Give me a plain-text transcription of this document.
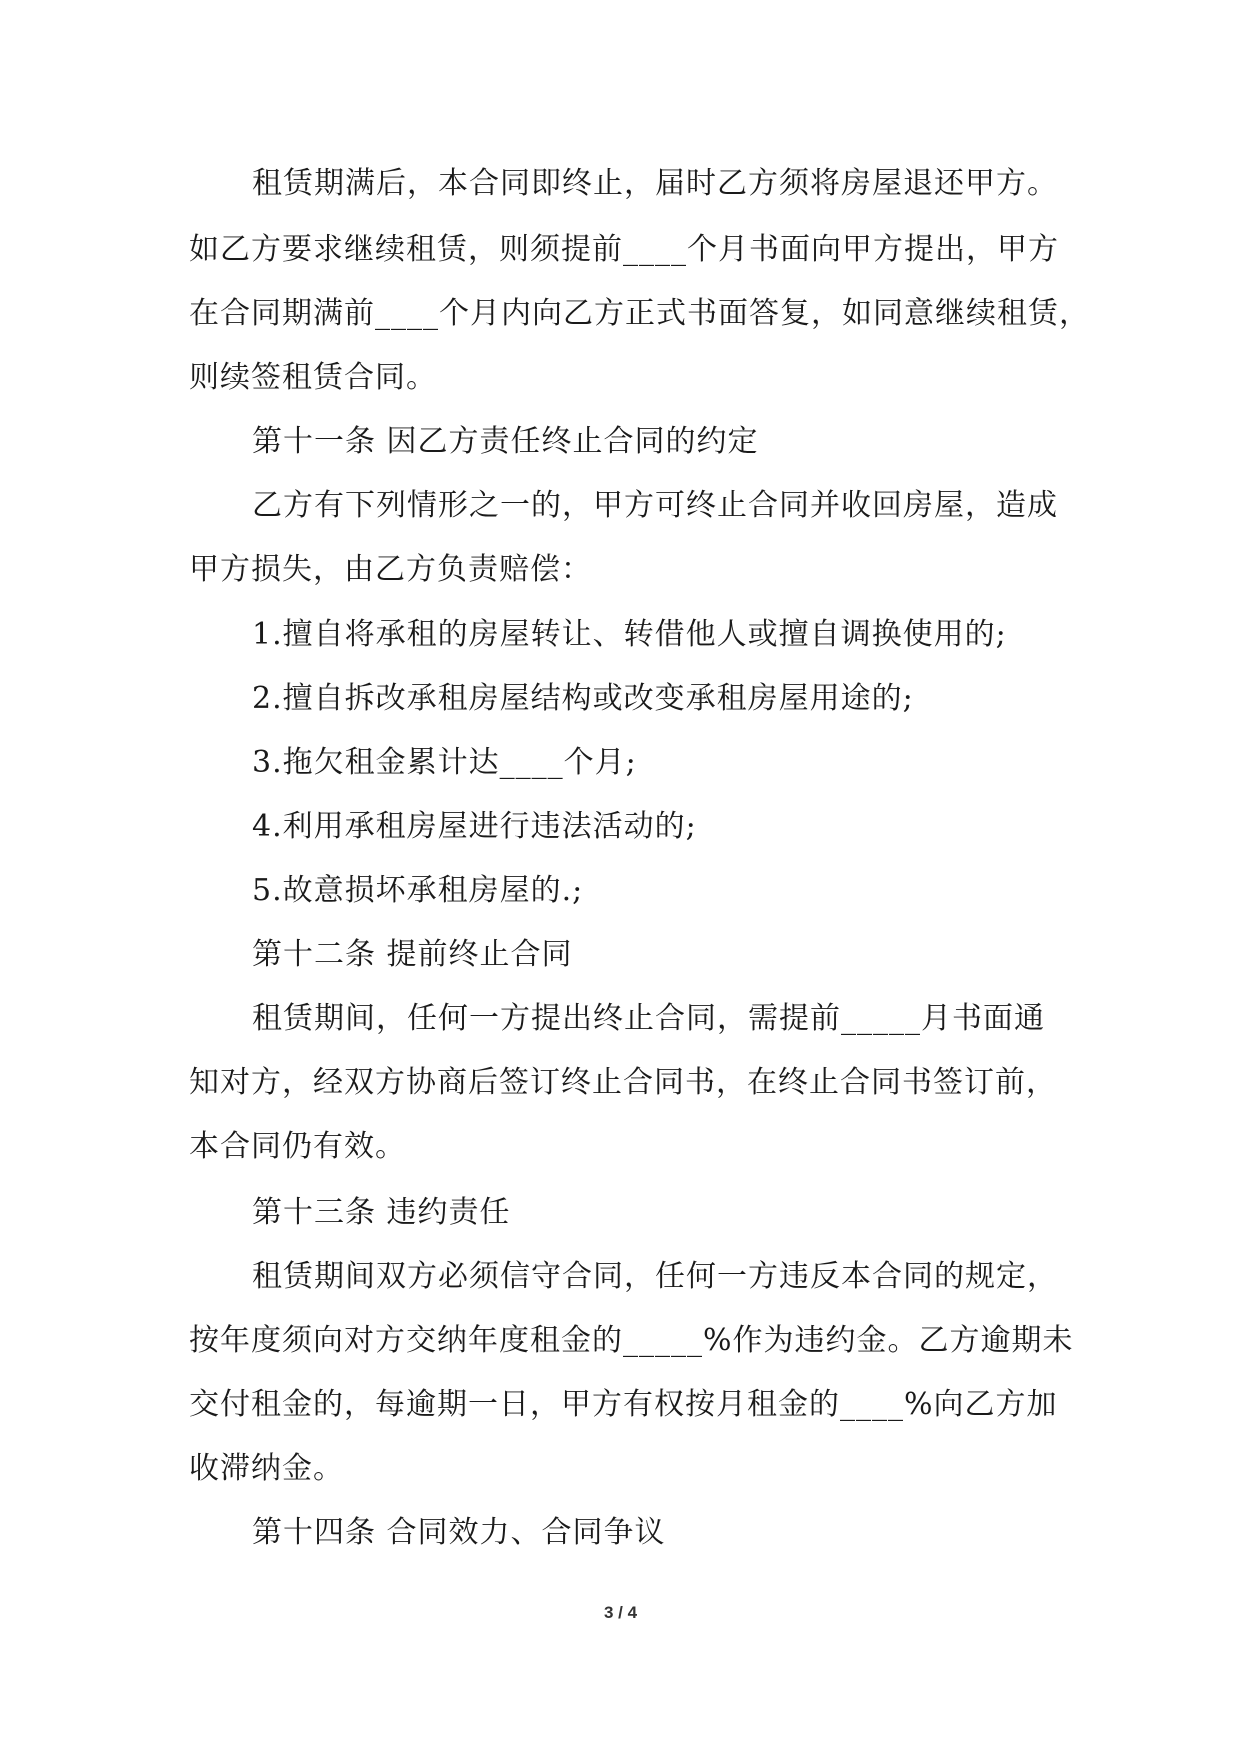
租赁期满后，本合同即终止，届时乙方须将房屋退还甲方。
如乙方要求继续租赁，则须提前____个月书面向甲方提出，甲方
在合同期满前____个月内向乙方正式书面答复，如同意继续租赁，
则续签租赁合同。
第十一条 因乙方责任终止合同的约定
乙方有下列情形之一的，甲方可终止合同并收回房屋，造成
甲方损失，由乙方负责赔偿：
1.擅自将承租的房屋转让、转借他人或擅自调换使用的;
2.擅自拆改承租房屋结构或改变承租房屋用途的;
3.拖欠租金累计达____个月;
4.利用承租房屋进行违法活动的;
5.故意损坏承租房屋的.;
第十二条 提前终止合同
租赁期间，任何一方提出终止合同，需提前_____月书面通
知对方，经双方协商后签订终止合同书，在终止合同书签订前，
本合同仍有效。
第十三条 违约责任
租赁期间双方必须信守合同，任何一方违反本合同的规定，
按年度须向对方交纳年度租金的_____%作为违约金。乙方逾期未
交付租金的，每逾期一日，甲方有权按月租金的____%向乙方加
收滞纳金。
第十四条 合同效力、合同争议
3 / 4
